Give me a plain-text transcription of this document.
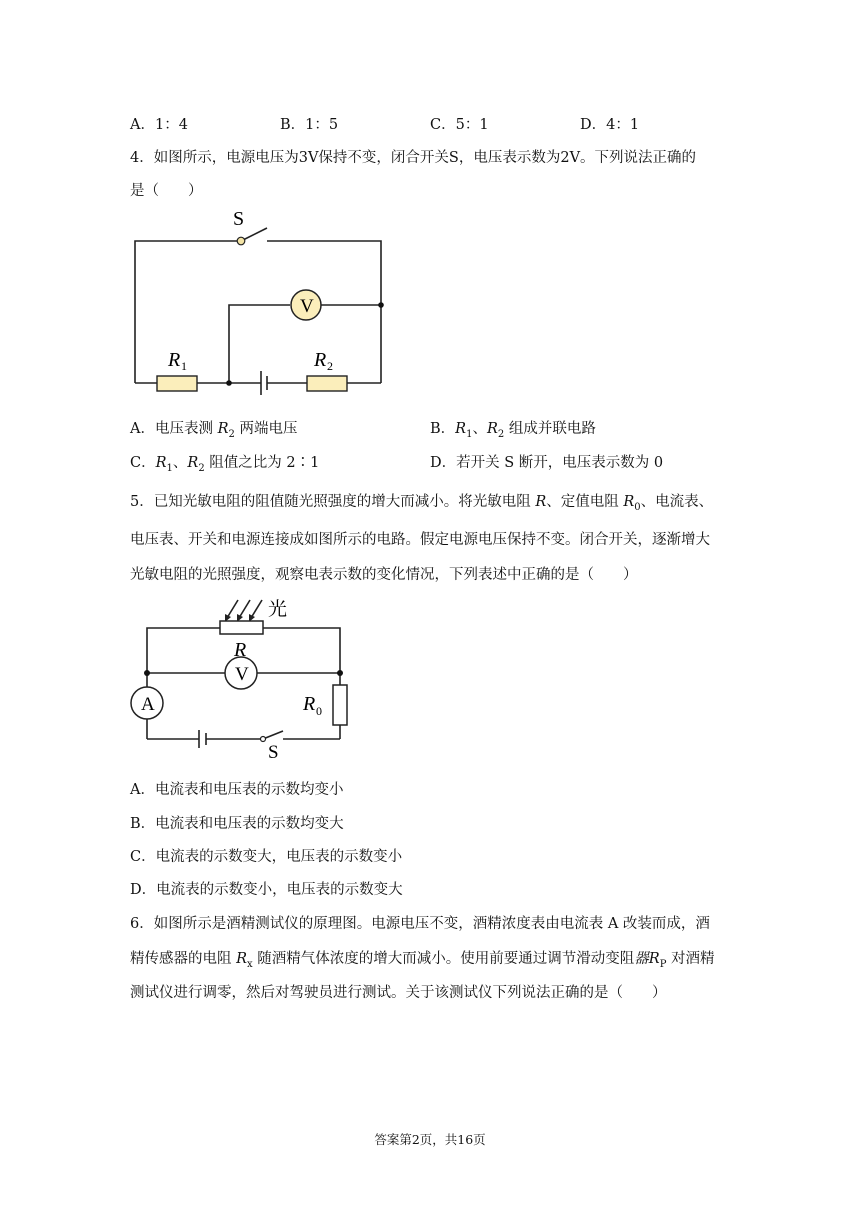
A．1：4	B．1：5	C．5：1	D．4：1
4．如图所示，电源电压为3V保持不变，闭合开关S，电压表示数为2V。下列说法正确的
是（　　）
S
V
R 1	R 2
A．电压表测 $R_2$ 两端电压	B．$R_1$、$R_2$ 组成并联电路
C．$R_1$、$R_2$ 阻值之比为 2∶1	D．若开关 S 断开，电压表示数为 0
5．已知光敏电阻的阻值随光照强度的增大而减小。将光敏电阻 R、定值电阻 $R_0$、电流表、
电压表、开关和电源连接成如图所示的电路。假定电源电压保持不变。闭合开关，逐渐增大
光敏电阻的光照强度，观察电表示数的变化情况，下列表述中正确的是（　　）
光
R
V
A	R 0
S
A．电流表和电压表的示数均变小
B．电流表和电压表的示数均变大
C．电流表的示数变大，电压表的示数变小
D．电流表的示数变小，电压表的示数变大
6．如图所示是酒精测试仪的原理图。电源电压不变，酒精浓度表由电流表 A 改装而成，酒
精传感器的电阻 $R_x$ 随酒精气体浓度的增大而减小。使用前要通过调节滑动变阻器$R_P$ 对酒精
测试仪进行调零，然后对驾驶员进行测试。关于该测试仪下列说法正确的是（　　）
答案第2页，共16页
